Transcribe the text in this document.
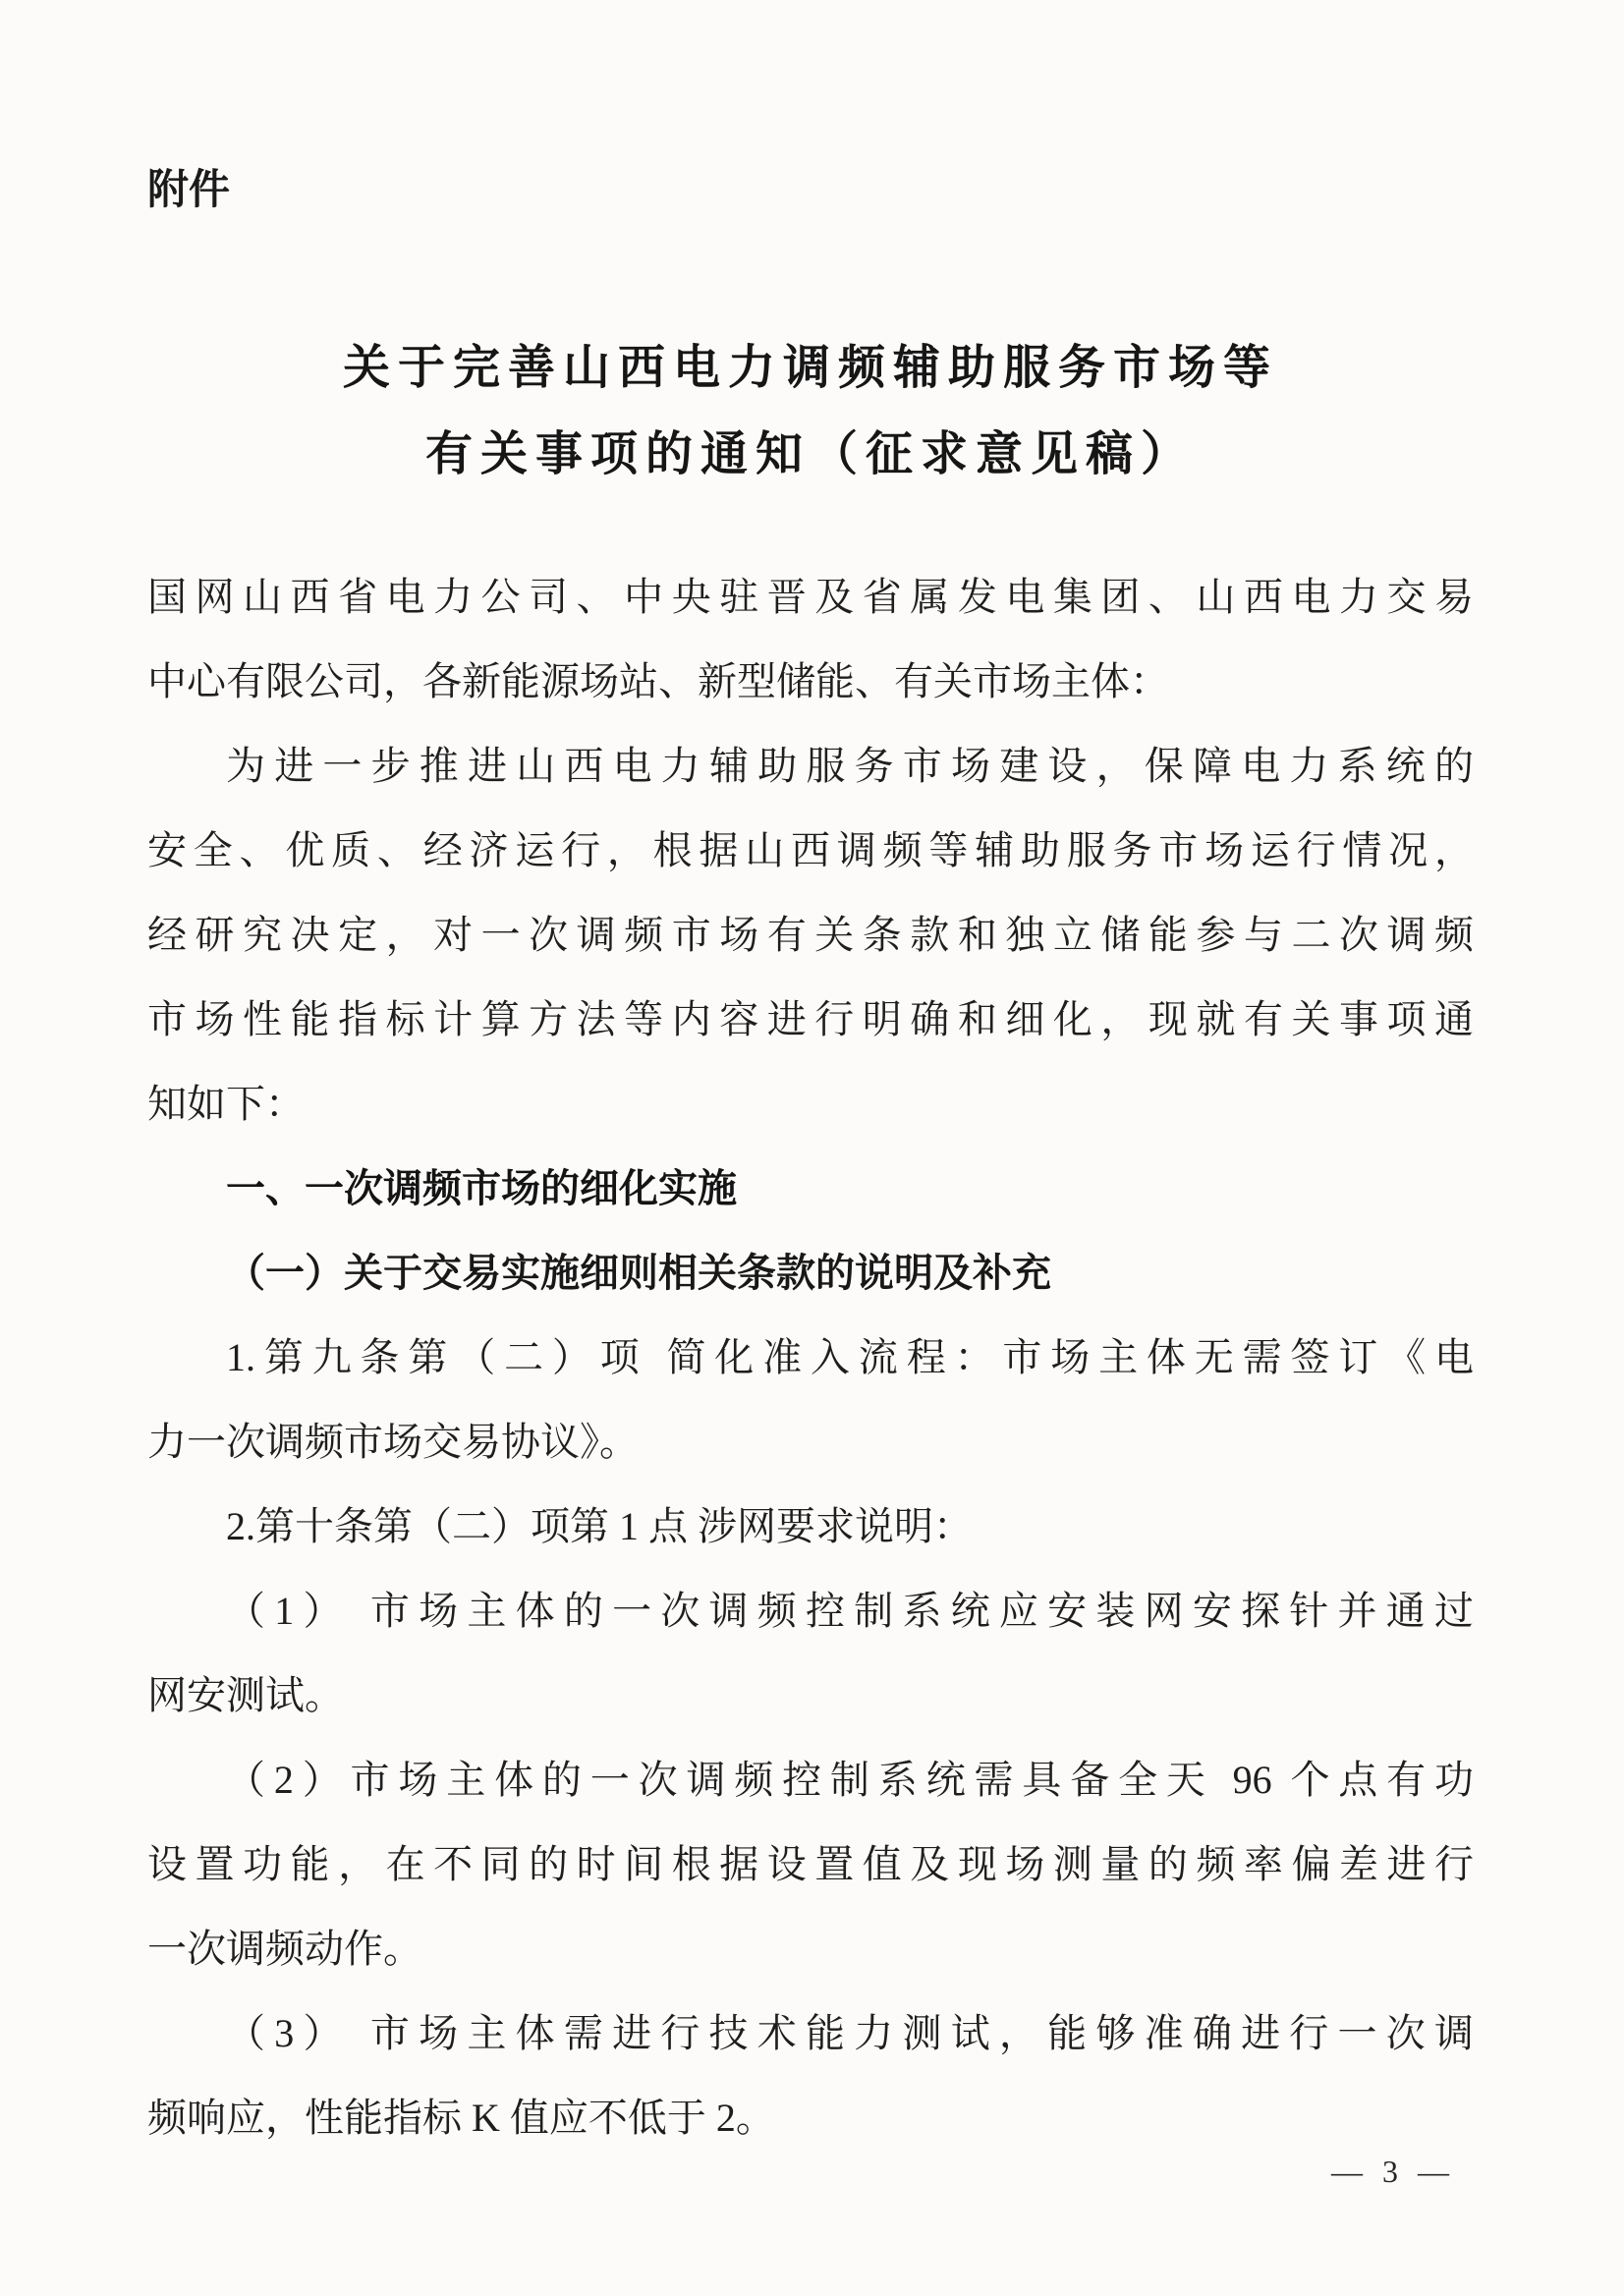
附件
关于完善山西电力调频辅助服务市场等
有关事项的通知（征求意见稿）
国网山西省电力公司、中央驻晋及省属发电集团、山西电力交易
中心有限公司，各新能源场站、新型储能、有关市场主体：
为进一步推进山西电力辅助服务市场建设，保障电力系统的
安全、优质、经济运行，根据山西调频等辅助服务市场运行情况，
经研究决定，对一次调频市场有关条款和独立储能参与二次调频
市场性能指标计算方法等内容进行明确和细化，现就有关事项通
知如下：
一、一次调频市场的细化实施
（一）关于交易实施细则相关条款的说明及补充
1.第九条第（二）项 简化准入流程：市场主体无需签订《电
力一次调频市场交易协议》。
2.第十条第（二）项第 1 点 涉网要求说明：
（1） 市场主体的一次调频控制系统应安装网安探针并通过
网安测试。
（2）市场主体的一次调频控制系统需具备全天 96 个点有功
设置功能，在不同的时间根据设置值及现场测量的频率偏差进行
一次调频动作。
（3） 市场主体需进行技术能力测试，能够准确进行一次调
频响应，性能指标 K 值应不低于 2。
— 3 —
